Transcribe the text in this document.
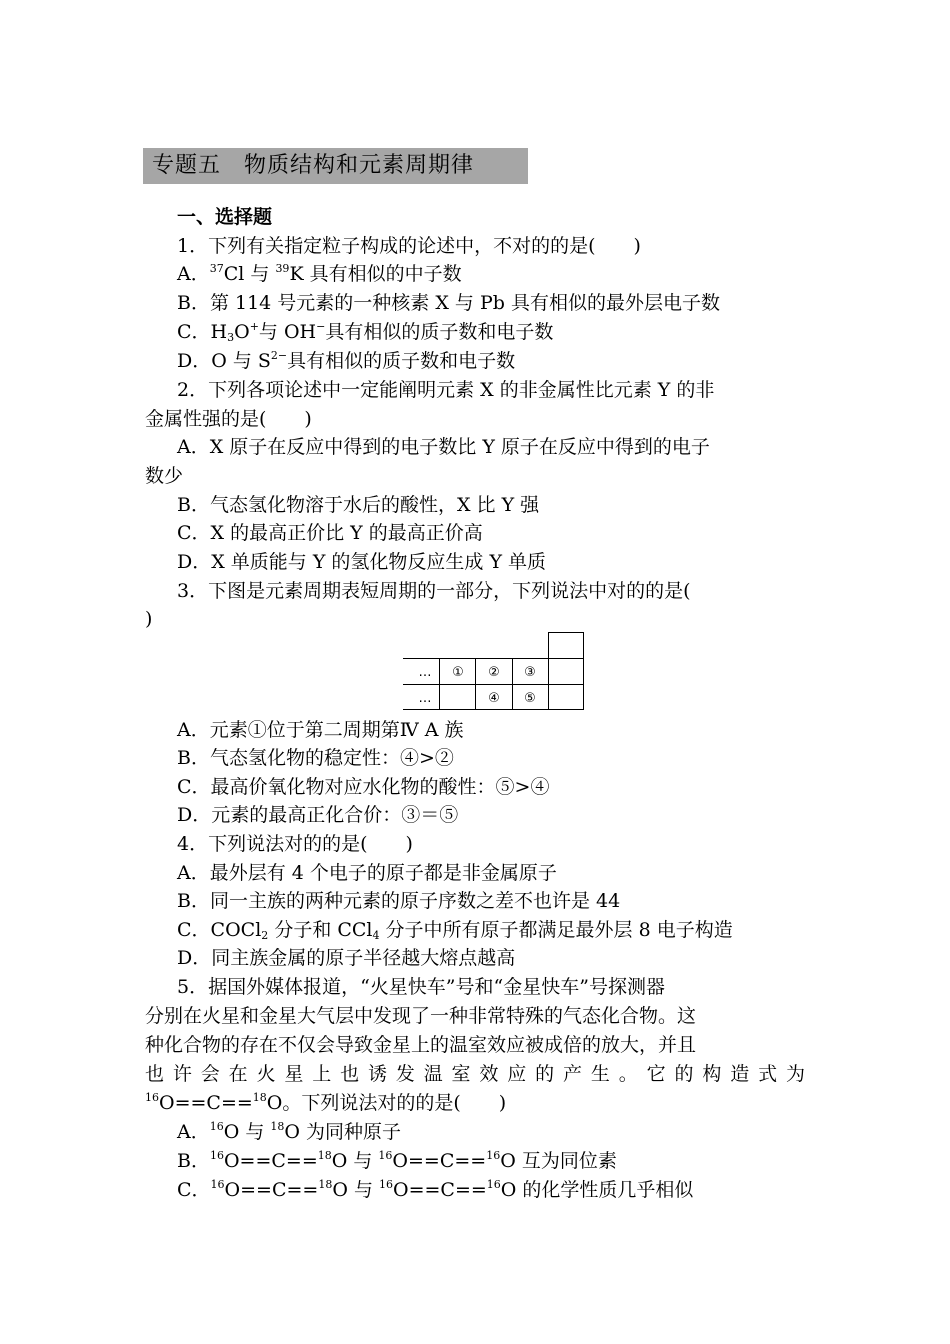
专题五　物质结构和元素周期律
一、选择题
1．下列有关指定粒子构成的论述中，不对的的是(　　)
A．$^{37}$Cl 与 $^{39}$K 具有相似的中子数
B．第 114 号元素的一种核素 X 与 Pb 具有相似的最外层电子数
C．$H_3O^+$与 OH−具有相似的质子数和电子数
D．O 与 $S^{2-}$具有相似的质子数和电子数
2．下列各项论述中一定能阐明元素 X 的非金属性比元素 Y 的非
金属性强的是(　　)
A．X 原子在反应中得到的电子数比 Y 原子在反应中得到的电子
数少
B．气态氢化物溶于水后的酸性，X 比 Y 强
C．X 的最高正价比 Y 的最高正价高
D．X 单质能与 Y 的氢化物反应生成 Y 单质
3．下图是元素周期表短周期的一部分，下列说法中对的的是(
)
… ① ② ③
…	④ ⑤
A．元素①位于第二周期第Ⅳ A 族
B．气态氢化物的稳定性：④>②
C．最高价氧化物对应水化物的酸性：⑤>④
D．元素的最高正化合价：③＝⑤
4．下列说法对的的是(　　)
A．最外层有 4 个电子的原子都是非金属原子
B．同一主族的两种元素的原子序数之差不也许是 44
C．COCl$_2$ 分子和 CCl$_4$ 分子中所有原子都满足最外层 8 电子构造
D．同主族金属的原子半径越大熔点越高
5．据国外媒体报道，“火星快车”号和“金星快车”号探测器
分别在火星和金星大气层中发现了一种非常特殊的气态化合物。这
种化合物的存在不仅会导致金星上的温室效应被成倍的放大，并且
也许会在火星上也诱发温室效应的产生。它的构造式为
$^{16}$O==C==$^{18}$O。下列说法对的的是(　　)
A．$^{16}$O 与 $^{18}$O 为同种原子
B．$^{16}$O==C==$^{18}$O 与 $^{16}$O==C==$^{16}$O 互为同位素
C．$^{16}$O==C==$^{18}$O 与 $^{16}$O==C==$^{16}$O 的化学性质几乎相似
